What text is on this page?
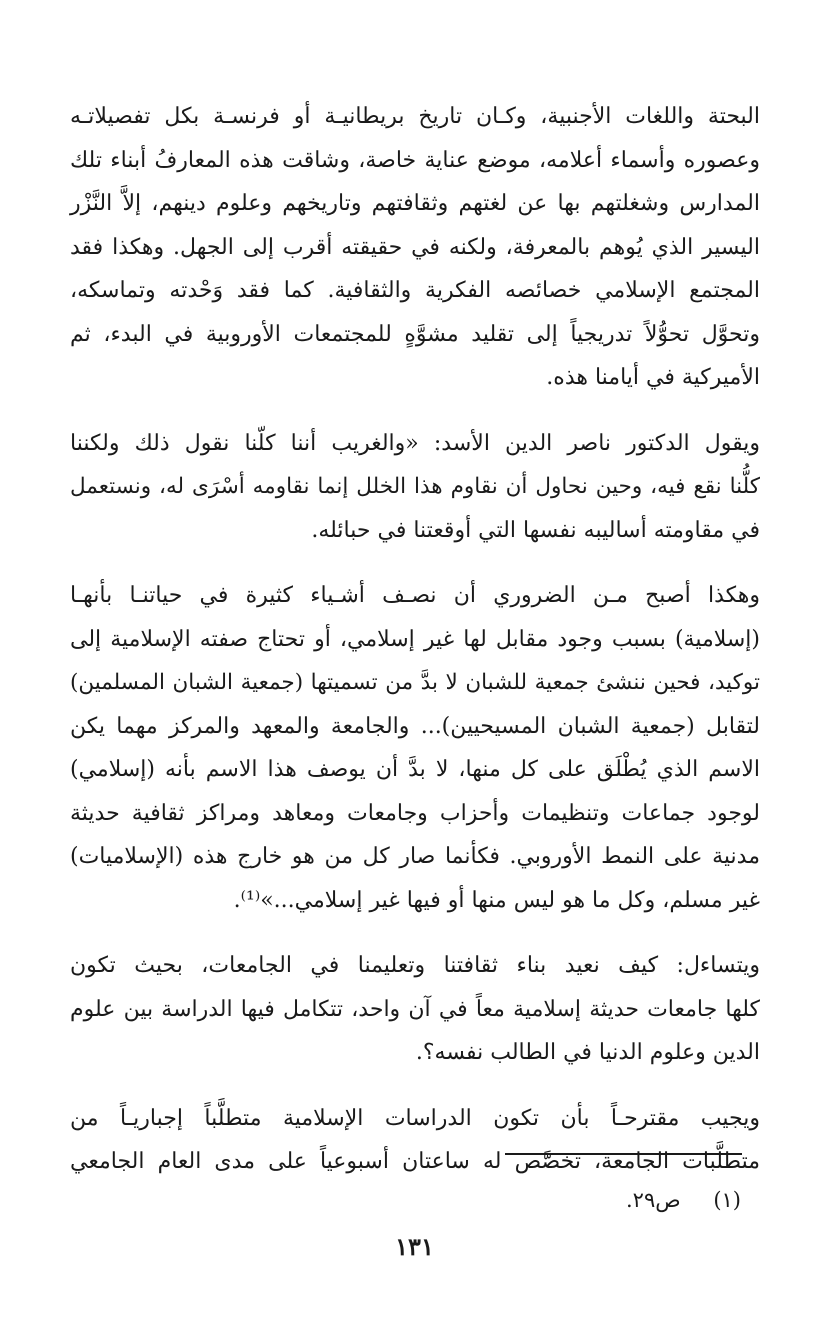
البحتة واللغات الأجنبية، وكـان تاريخ بريطانيـة أو فرنسـة بكل تفصيلاتـه
وعصوره وأسماء أعلامه، موضع عناية خاصة، وشاقت هذه المعارفُ أبناء تلك
المدارس وشغلتهم بها عن لغتهم وثقافتهم وتاريخهم وعلوم دينهم، إلاَّ النَّزْر
اليسير الذي يُوهم بالمعرفة، ولكنه في حقيقته أقرب إلى الجهل. وهكذا فقد
المجتمع الإسلامي خصائصه الفكرية والثقافية. كما فقد وَحْدته وتماسكه،
وتحوَّل تحوُّلاً تدريجياً إلى تقليد مشوَّهٍ للمجتمعات الأوروبية في البدء، ثم
الأميركية في أيامنا هذه.
ويقول الدكتور ناصر الدين الأسد: «والغريب أننا كلّنا نقول ذلك ولكننا
كلُّنا نقع فيه، وحين نحاول أن نقاوم هذا الخلل إنما نقاومه أسْرَى له، ونستعمل
في مقاومته أساليبه نفسها التي أوقعتنا في حبائله.
وهكذا أصبح مـن الضروري أن نصـف أشـياء كثيرة في حياتنـا بأنهـا
(إسلامية) بسبب وجود مقابل لها غير إسلامي، أو تحتاج صفته الإسلامية إلى
توكيد، فحين ننشئ جمعية للشبان لا بدَّ من تسميتها (جمعية الشبان المسلمين)
لتقابل (جمعية الشبان المسيحيين)... والجامعة والمعهد والمركز مهما يكن
الاسم الذي يُطْلَق على كل منها، لا بدَّ أن يوصف هذا الاسم بأنه (إسلامي)
لوجود جماعات وتنظيمات وأحزاب وجامعات ومعاهد ومراكز ثقافية حديثة
مدنية على النمط الأوروبي. فكأنما صار كل من هو خارج هذه (الإسلاميات)
غير مسلم، وكل ما هو ليس منها أو فيها غير إسلامي...»⁽¹⁾.
ويتساءل: كيف نعيد بناء ثقافتنا وتعليمنا في الجامعات، بحيث تكون
كلها جامعات حديثة إسلامية معاً في آن واحد، تتكامل فيها الدراسة بين علوم
الدين وعلوم الدنيا في الطالب نفسه؟.
ويجيب مقترحـاً بأن تكون الدراسات الإسلامية متطلَّباً إجباريـاً من
متطلَّبات الجامعة، تخصَّص له ساعتان أسبوعياً على مدى العام الجامعي
(١) ص٢٩.
١٣١
